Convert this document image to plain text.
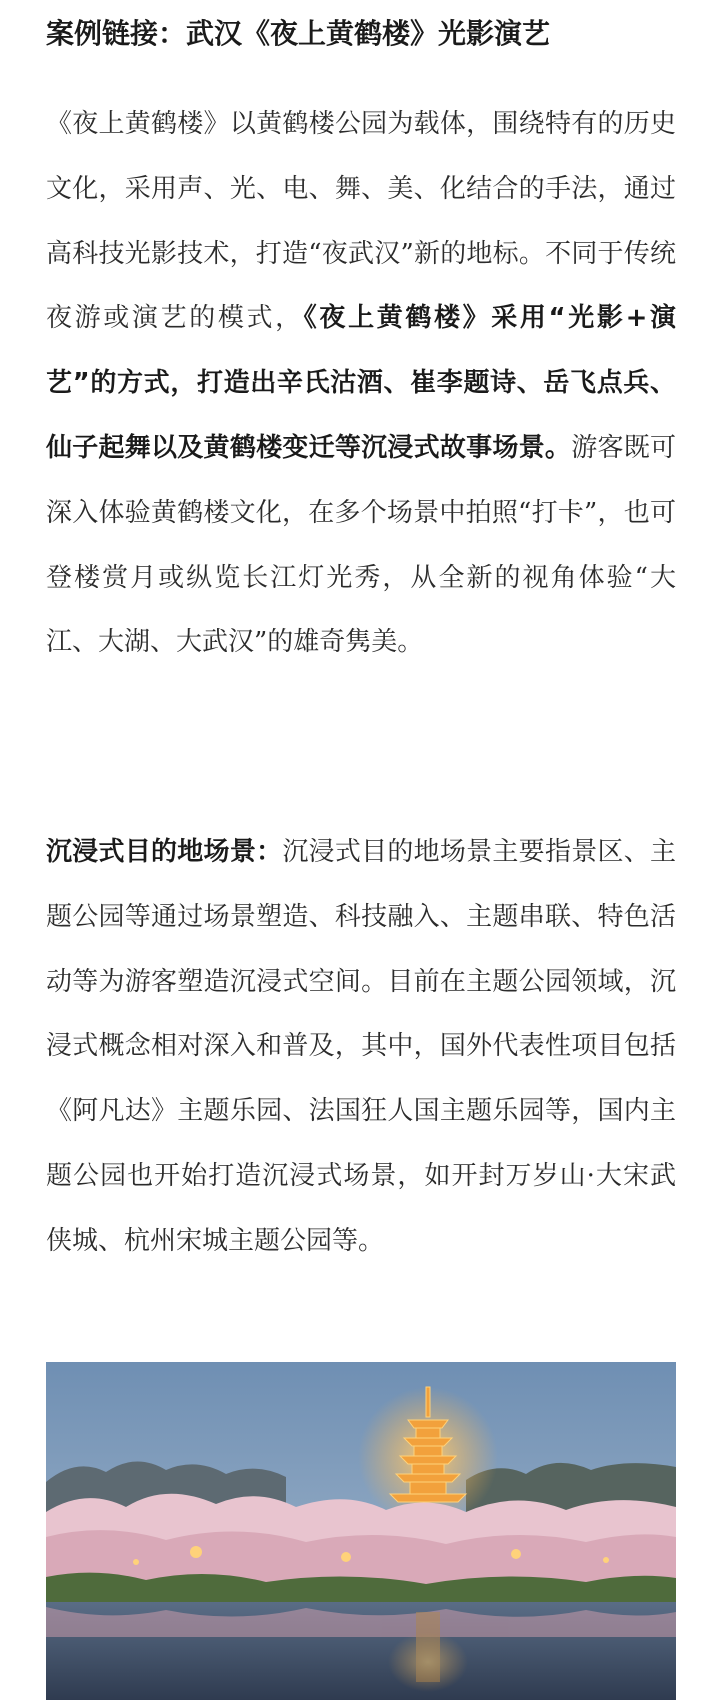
案例链接：武汉《夜上黄鹤楼》光影演艺

《夜上黄鹤楼》以黄鹤楼公园为载体，围绕特有的历史文化，采用声、光、电、舞、美、化结合的手法，通过高科技光影技术，打造“夜武汉”新的地标。不同于传统夜游或演艺的模式，《夜上黄鹤楼》采用“光影+演艺”的方式，打造出辛氏沽酒、崔李题诗、岳飞点兵、仙子起舞以及黄鹤楼变迁等沉浸式故事场景。游客既可深入体验黄鹤楼文化，在多个场景中拍照“打卡”，也可登楼赏月或纵览长江灯光秀，从全新的视角体验“大江、大湖、大武汉”的雄奇隽美。

沉浸式目的地场景：沉浸式目的地场景主要指景区、主题公园等通过场景塑造、科技融入、主题串联、特色活动等为游客塑造沉浸式空间。目前在主题公园领域，沉浸式概念相对深入和普及，其中，国外代表性项目包括《阿凡达》主题乐园、法国狂人国主题乐园等，国内主题公园也开始打造沉浸式场景，如开封万岁山·大宋武侠城、杭州宋城主题公园等。
